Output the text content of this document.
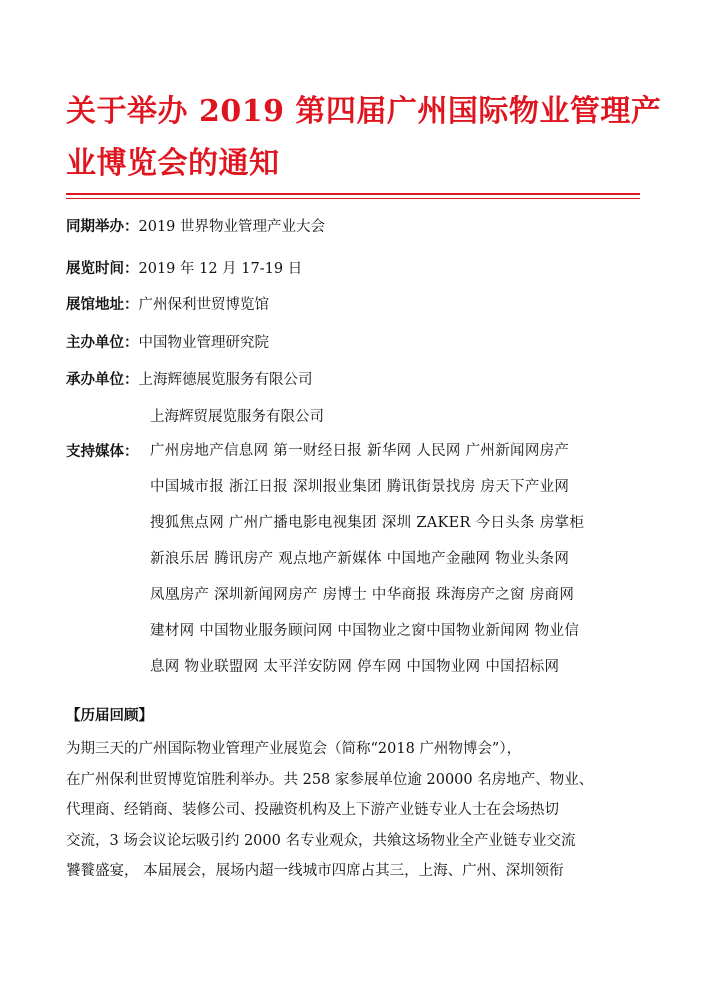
关于举办 2019 第四届广州国际物业管理产
业博览会的通知
同期举办：2019 世界物业管理产业大会
展览时间：2019 年 12 月 17-19 日
展馆地址：广州保利世贸博览馆
主办单位：中国物业管理研究院
承办单位：上海辉德展览服务有限公司
上海辉贸展览服务有限公司
支持媒体： 广州房地产信息网 第一财经日报 新华网 人民网 广州新闻网房产
中国城市报 浙江日报 深圳报业集团 腾讯街景找房 房天下产业网
搜狐焦点网 广州广播电影电视集团 深圳 ZAKER 今日头条 房掌柜
新浪乐居 腾讯房产 观点地产新媒体 中国地产金融网 物业头条网
凤凰房产 深圳新闻网房产 房博士 中华商报 珠海房产之窗 房商网
建材网 中国物业服务顾问网 中国物业之窗中国物业新闻网 物业信
息网 物业联盟网 太平洋安防网 停车网 中国物业网 中国招标网
【历届回顾】
为期三天的广州国际物业管理产业展览会（简称“2018 广州物博会”），
在广州保利世贸博览馆胜利举办。共 258 家参展单位逾 20000 名房地产、物业、
代理商、经销商、装修公司、投融资机构及上下游产业链专业人士在会场热切
交流，3 场会议论坛吸引约 2000 名专业观众，共飨这场物业全产业链专业交流
饕餮盛宴， 本届展会，展场内超一线城市四席占其三，上海、广州、深圳领衔
